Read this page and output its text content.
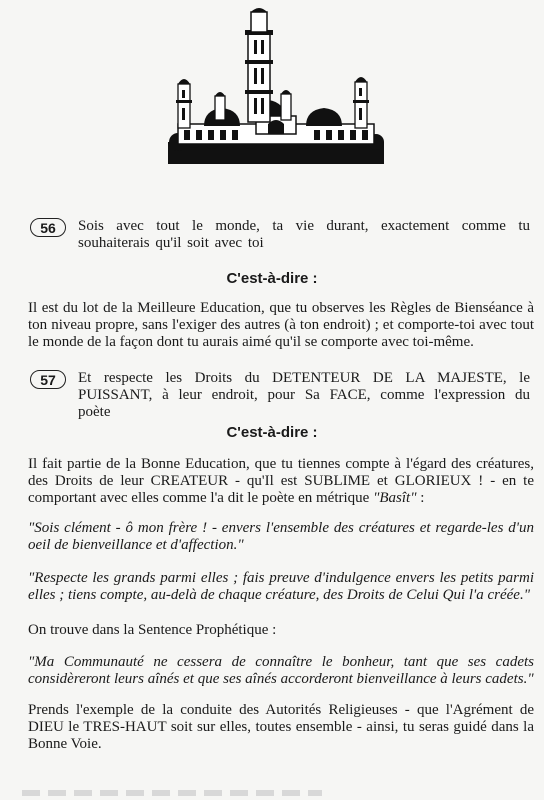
56	Sois avec tout le monde, ta vie durant, exactement comme tu souhaiterais qu'il soit avec toi
C'est-à-dire :
Il est du lot de la Meilleure Education, que tu observes les Règles de Bienséance à ton niveau propre, sans l'exiger des autres (à ton endroit) ; et comporte-toi avec tout le monde de la façon dont tu aurais aimé qu'il se comporte avec toi-même.
57	Et respecte les Droits du DETENTEUR DE LA MAJESTE, le PUISSANT, à leur endroit, pour Sa FACE, comme l'expression du poète
C'est-à-dire :
Il fait partie de la Bonne Education, que tu tiennes compte à l'égard des créatures, des Droits de leur CREATEUR - qu'Il est SUBLIME et GLORIEUX ! - en te comportant avec elles comme l'a dit le poète en métrique "Basît" :
"Sois clément - ô mon frère ! - envers l'ensemble des créatures et regarde-les d'un oeil de bienveillance et d'affection."
"Respecte les grands parmi elles ; fais preuve d'indulgence envers les petits parmi elles ; tiens compte, au-delà de chaque créature, des Droits de Celui Qui l'a créée."
On trouve dans la Sentence Prophétique :
"Ma Communauté ne cessera de connaître le bonheur, tant que ses cadets considèreront leurs aînés et que ses aînés accorderont bienveillance à leurs cadets."
Prends l'exemple de la conduite des Autorités Religieuses - que l'Agrément de DIEU le TRES-HAUT soit sur elles, toutes ensemble - ainsi, tu seras guidé dans la Bonne Voie.
